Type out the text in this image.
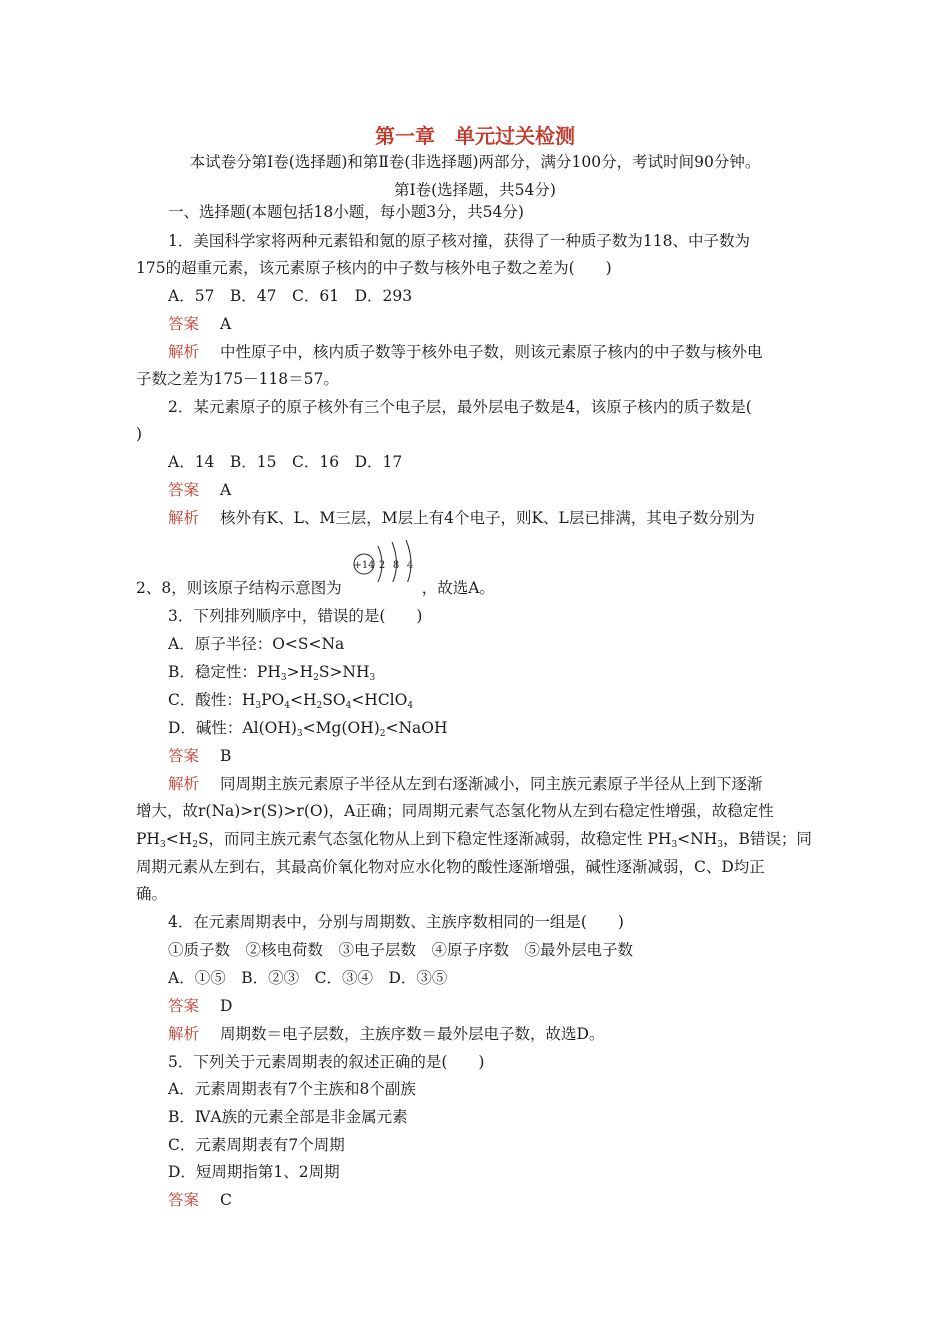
第一章　单元过关检测
本试卷分第Ⅰ卷(选择题)和第Ⅱ卷(非选择题)两部分，满分100分，考试时间90分钟。
第Ⅰ卷(选择题，共54分)
一、选择题(本题包括18小题，每小题3分，共54分)
1．美国科学家将两种元素铅和氪的原子核对撞，获得了一种质子数为118、中子数为
175的超重元素，该元素原子核内的中子数与核外电子数之差为(　　)
A．57　B．47　C．61　D．293
答案 A
解析 中性原子中，核内质子数等于核外电子数，则该元素原子核内的中子数与核外电
子数之差为175－118＝57。
2．某元素原子的原子核外有三个电子层，最外层电子数是4，该原子核内的质子数是(
)
A．14　B．15　C．16　D．17
答案 A
解析 核外有K、L、M三层，M层上有4个电子，则K、L层已排满，其电子数分别为
+14 2 8 4
2、8，则该原子结构示意图为	，故选A。
3．下列排列顺序中，错误的是(　　)
A．原子半径：O<S<Na
B．稳定性：$PH_3>H_2S>NH_3$
C．酸性：$H_3PO_4<H_2SO_4<HClO_4$
D．碱性：$Al(OH)_3<Mg(OH)_2<NaOH$
答案 B
解析 同周期主族元素原子半径从左到右逐渐减小，同主族元素原子半径从上到下逐渐
增大，故r(Na)>r(S)>r(O)，A正确；同周期元素气态氢化物从左到右稳定性增强，故稳定性
$PH_3<H_2S$，而同主族元素气态氢化物从上到下稳定性逐渐减弱，故稳定性 $PH_3<NH_3$，B错误；同
周期元素从左到右，其最高价氧化物对应水化物的酸性逐渐增强，碱性逐渐减弱，C、D均正
确。
4．在元素周期表中，分别与周期数、主族序数相同的一组是(　　)
①质子数　②核电荷数　③电子层数　④原子序数　⑤最外层电子数
A．①⑤　B．②③　C．③④　D．③⑤
答案 D
解析 周期数＝电子层数，主族序数＝最外层电子数，故选D。
5．下列关于元素周期表的叙述正确的是(　　)
A．元素周期表有7个主族和8个副族
B．ⅣA族的元素全部是非金属元素
C．元素周期表有7个周期
D．短周期指第1、2周期
答案 C
